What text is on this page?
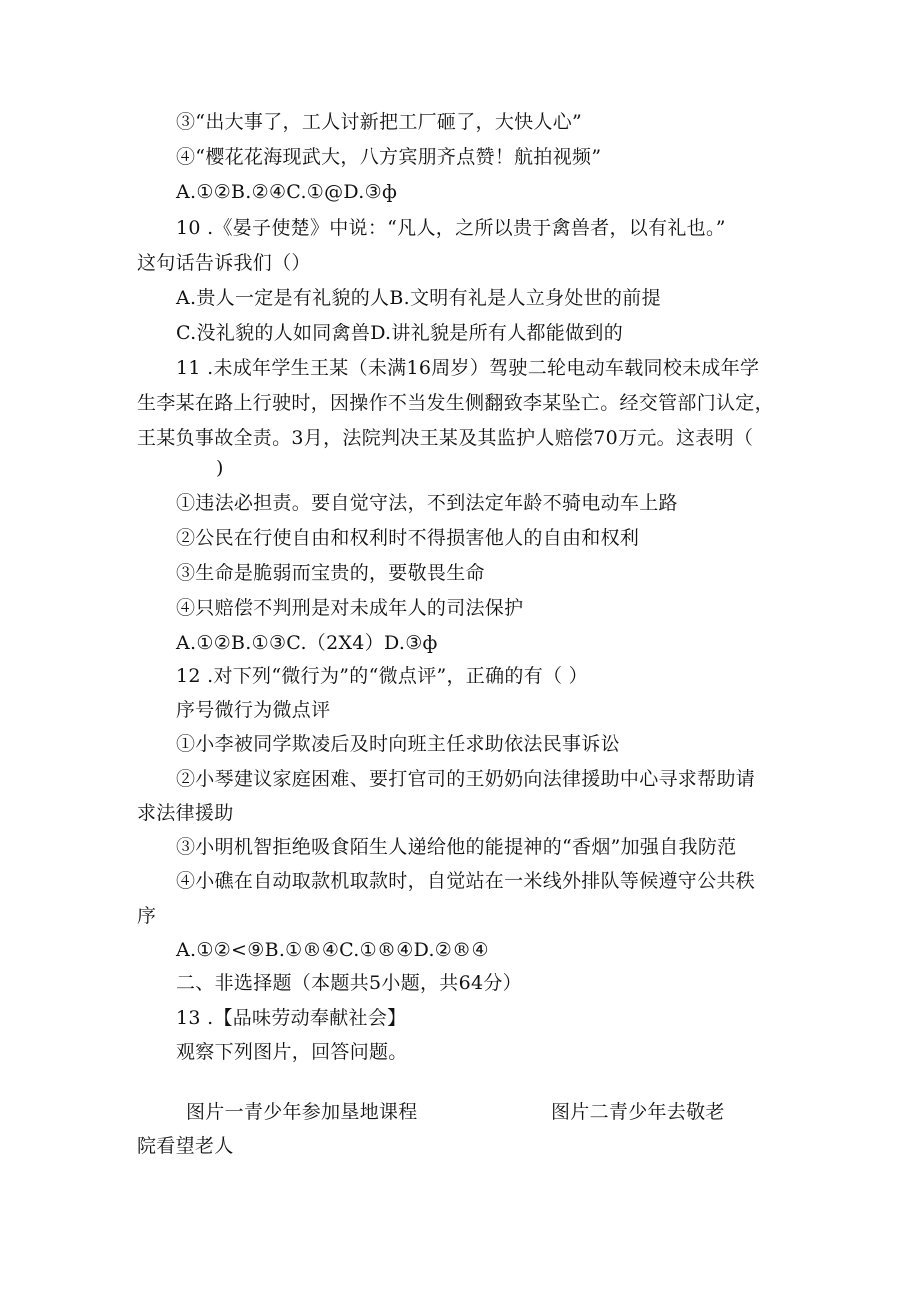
③“出大事了，工人讨新把工厂砸了，大快人心”
④“樱花花海现武大，八方宾朋齐点赞！航拍视频”
A.①②B.②④C.①@D.③ф
10 .《晏子使楚》中说：“凡人，之所以贵于禽兽者，以有礼也。”
这句话告诉我们（）
A.贵人一定是有礼貌的人B.文明有礼是人立身处世的前提
C.没礼貌的人如同禽兽D.讲礼貌是所有人都能做到的
11 .未成年学生王某（未满16周岁）驾驶二轮电动车载同校未成年学
生李某在路上行驶时，因操作不当发生侧翻致李某坠亡。经交管部门认定，
王某负事故全责。3月，法院判决王某及其监护人赔偿70万元。这表明（
)
①违法必担责。要自觉守法，不到法定年龄不骑电动车上路
②公民在行使自由和权利时不得损害他人的自由和权利
③生命是脆弱而宝贵的，要敬畏生命
④只赔偿不判刑是对未成年人的司法保护
A.①②B.①③C.（2X4）D.③ф
12 .对下列“微行为”的“微点评”，正确的有（ ）
序号微行为微点评
①小李被同学欺凌后及时向班主任求助依法民事诉讼
②小琴建议家庭困难、要打官司的王奶奶向法律援助中心寻求帮助请
求法律援助
③小明机智拒绝吸食陌生人递给他的能提神的“香烟”加强自我防范
④小礁在自动取款机取款时，自觉站在一米线外排队等候遵守公共秩
序
A.①②<⑨B.①®④C.①®④D.②®④
二、非选择题（本题共5小题，共64分）
13 .【品味劳动奉献社会】
观察下列图片，回答问题。
图片一青少年参加垦地课程	图片二青少年去敬老
院看望老人
